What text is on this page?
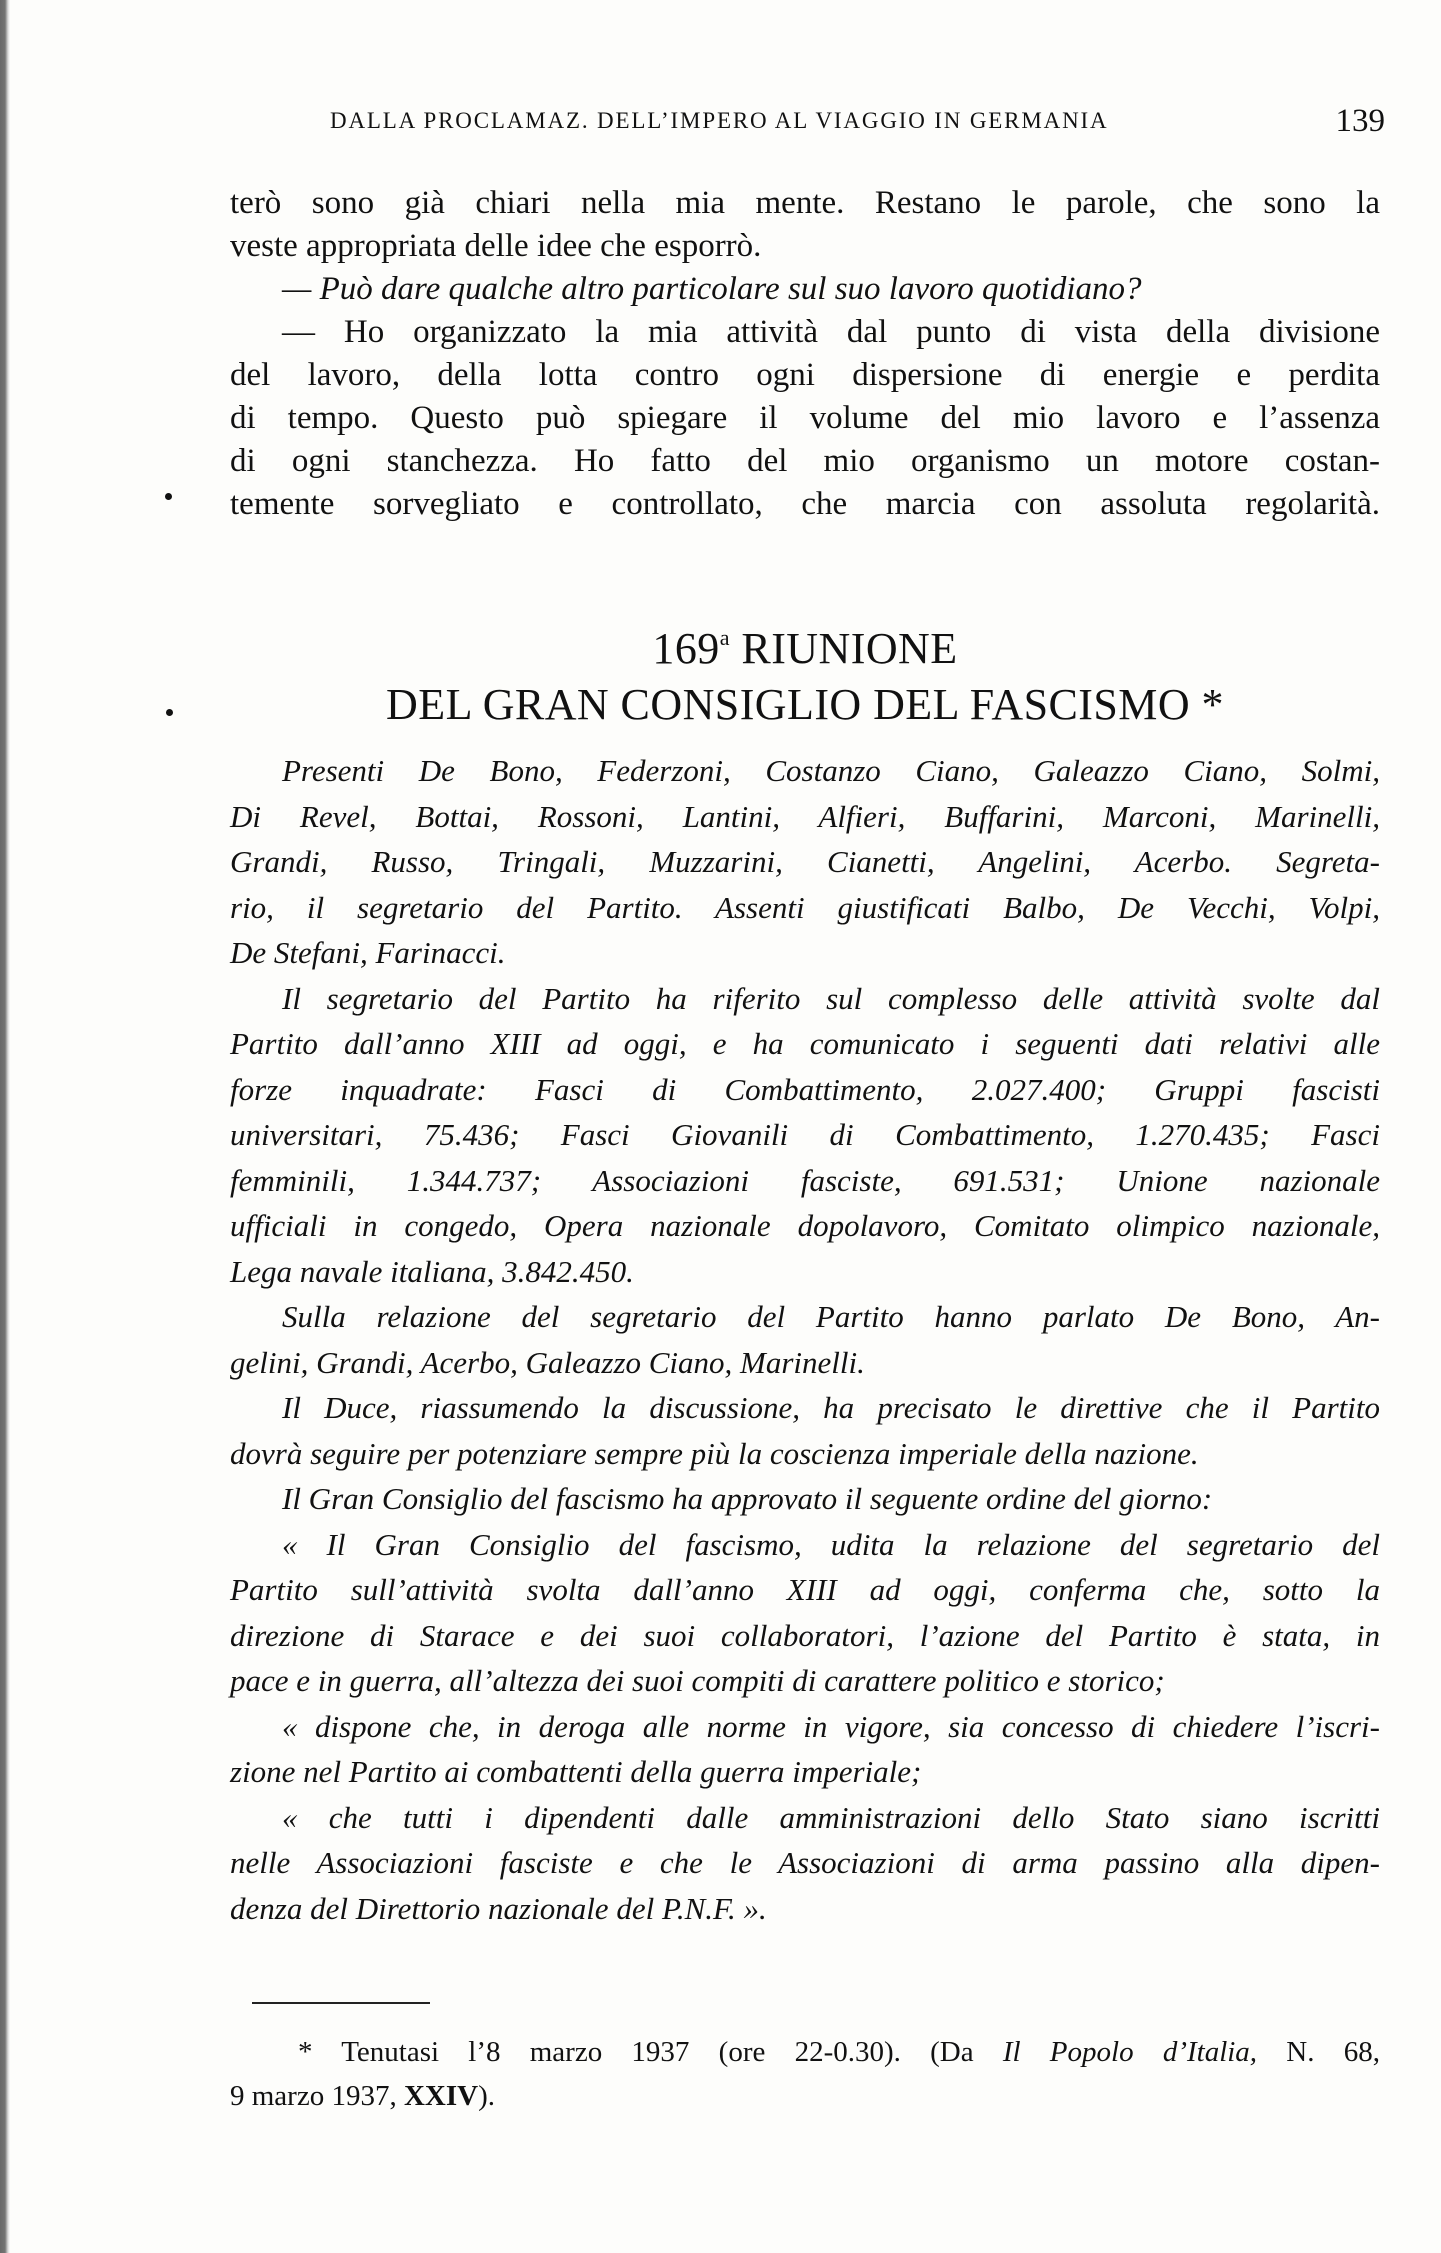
DALLA PROCLAMAZ. DELL’IMPERO AL VIAGGIO IN GERMANIA	139
terò sono già chiari nella mia mente. Restano le parole, che sono la
veste appropriata delle idee che esporrò.
— Può dare qualche altro particolare sul suo lavoro quotidiano?
— Ho organizzato la mia attività dal punto di vista della divisione
del lavoro, della lotta contro ogni dispersione di energie e perdita
di tempo. Questo può spiegare il volume del mio lavoro e l’assenza
di ogni stanchezza. Ho fatto del mio organismo un motore costan-
temente sorvegliato e controllato, che marcia con assoluta regolarità.
169$^a$ RIUNIONE
DEL GRAN CONSIGLIO DEL FASCISMO *
Presenti De Bono, Federzoni, Costanzo Ciano, Galeazzo Ciano, Solmi,
Di Revel, Bottai, Rossoni, Lantini, Alfieri, Buffarini, Marconi, Marinelli,
Grandi, Russo, Tringali, Muzzarini, Cianetti, Angelini, Acerbo. Segreta-
rio, il segretario del Partito. Assenti giustificati Balbo, De Vecchi, Volpi,
De Stefani, Farinacci.
Il segretario del Partito ha riferito sul complesso delle attività svolte dal
Partito dall’anno XIII ad oggi, e ha comunicato i seguenti dati relativi alle
forze inquadrate: Fasci di Combattimento, 2.027.400; Gruppi fascisti
universitari, 75.436; Fasci Giovanili di Combattimento, 1.270.435; Fasci
femminili, 1.344.737; Associazioni fasciste, 691.531; Unione nazionale
ufficiali in congedo, Opera nazionale dopolavoro, Comitato olimpico nazionale,
Lega navale italiana, 3.842.450.
Sulla relazione del segretario del Partito hanno parlato De Bono, An-
gelini, Grandi, Acerbo, Galeazzo Ciano, Marinelli.
Il Duce, riassumendo la discussione, ha precisato le direttive che il Partito
dovrà seguire per potenziare sempre più la coscienza imperiale della nazione.
Il Gran Consiglio del fascismo ha approvato il seguente ordine del giorno:
« Il Gran Consiglio del fascismo, udita la relazione del segretario del
Partito sull’attività svolta dall’anno XIII ad oggi, conferma che, sotto la
direzione di Starace e dei suoi collaboratori, l’azione del Partito è stata, in
pace e in guerra, all’altezza dei suoi compiti di carattere politico e storico;
« dispone che, in deroga alle norme in vigore, sia concesso di chiedere l’iscri-
zione nel Partito ai combattenti della guerra imperiale;
« che tutti i dipendenti dalle amministrazioni dello Stato siano iscritti
nelle Associazioni fasciste e che le Associazioni di arma passino alla dipen-
denza del Direttorio nazionale del P.N.F. ».
* Tenutasi l’8 marzo 1937 (ore 22-0.30). (Da Il Popolo d’Italia, N. 68,
9 marzo 1937, XXIV).
